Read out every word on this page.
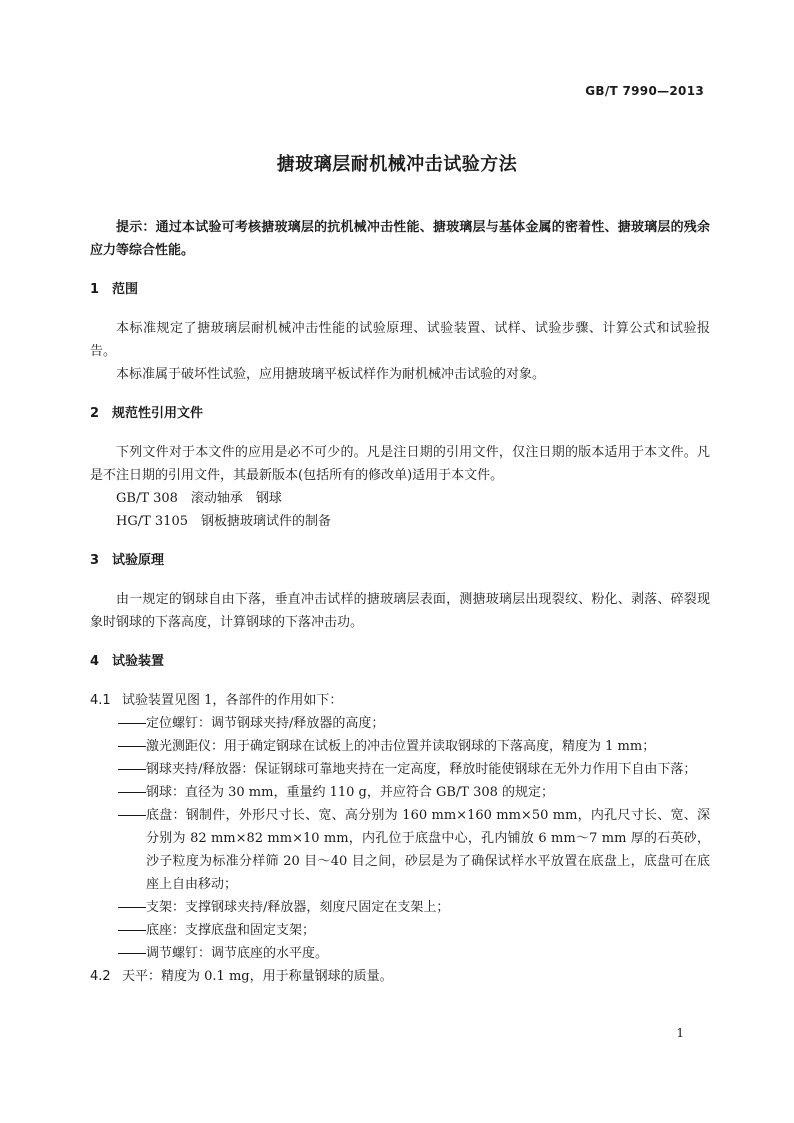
GB/T 7990—2013
搪玻璃层耐机械冲击试验方法
提示：通过本试验可考核搪玻璃层的抗机械冲击性能、搪玻璃层与基体金属的密着性、搪玻璃层的残余应力等综合性能。
1 范围

本标准规定了搪玻璃层耐机械冲击性能的试验原理、试验装置、试样、试验步骤、计算公式和试验报告。

本标准属于破坏性试验，应用搪玻璃平板试样作为耐机械冲击试验的对象。

2 规范性引用文件

下列文件对于本文件的应用是必不可少的。凡是注日期的引用文件，仅注日期的版本适用于本文件。凡是不注日期的引用文件，其最新版本(包括所有的修改单)适用于本文件。

GB/T 308　滚动轴承　钢球
HG/T 3105　钢板搪玻璃试件的制备
3 试验原理

由一规定的钢球自由下落，垂直冲击试样的搪玻璃层表面，测搪玻璃层出现裂纹、粉化、剥落、碎裂现象时钢球的下落高度，计算钢球的下落冲击功。

4 试验装置
4.1 试验装置见图 1，各部件的作用如下：
定位螺钉：调节钢球夹持/释放器的高度；
激光测距仪：用于确定钢球在试板上的冲击位置并读取钢球的下落高度，精度为 1 mm；
钢球夹持/释放器：保证钢球可靠地夹持在一定高度，释放时能使钢球在无外力作用下自由下落；
钢球：直径为 30 mm，重量约 110 g，并应符合 GB/T 308 的规定；
底盘：钢制件，外形尺寸长、宽、高分别为 160 mm×160 mm×50 mm，内孔尺寸长、宽、深分别为 82 mm×82 mm×10 mm，内孔位于底盘中心，孔内铺放 6 mm～7 mm 厚的石英砂，沙子粒度为标准分样筛 20 目～40 目之间，砂层是为了确保试样水平放置在底盘上，底盘可在底座上自由移动；
支架：支撑钢球夹持/释放器，刻度尺固定在支架上；
底座：支撑底盘和固定支架；
调节螺钉：调节底座的水平度。
4.2 天平：精度为 0.1 mg，用于称量钢球的质量。
1
